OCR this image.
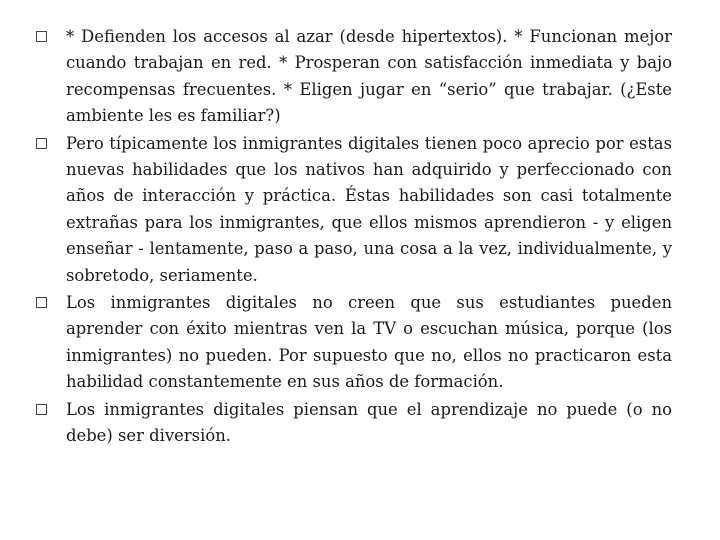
* Defienden los accesos al azar (desde hipertextos). * Funcionan mejor cuando trabajan en red. * Prosperan con satisfacción inmediata y bajo recompensas frecuentes. * Eligen jugar en “serio” que trabajar. (¿Este ambiente les es familiar?)
Pero típicamente los inmigrantes digitales tienen poco aprecio por estas nuevas habilidades que los nativos han adquirido y perfeccionado con años de interacción y práctica. Éstas habilidades son casi totalmente extrañas para los inmigrantes, que ellos mismos aprendieron - y eligen enseñar - lentamente, paso a paso, una cosa a la vez, individualmente, y sobretodo, seriamente.
Los inmigrantes digitales no creen que sus estudiantes pueden aprender con éxito mientras ven la TV o escuchan música, porque (los inmigrantes) no pueden. Por supuesto que no, ellos no practicaron esta habilidad constantemente en sus años de formación.
Los inmigrantes digitales piensan que el aprendizaje no puede (o no debe) ser diversión.
